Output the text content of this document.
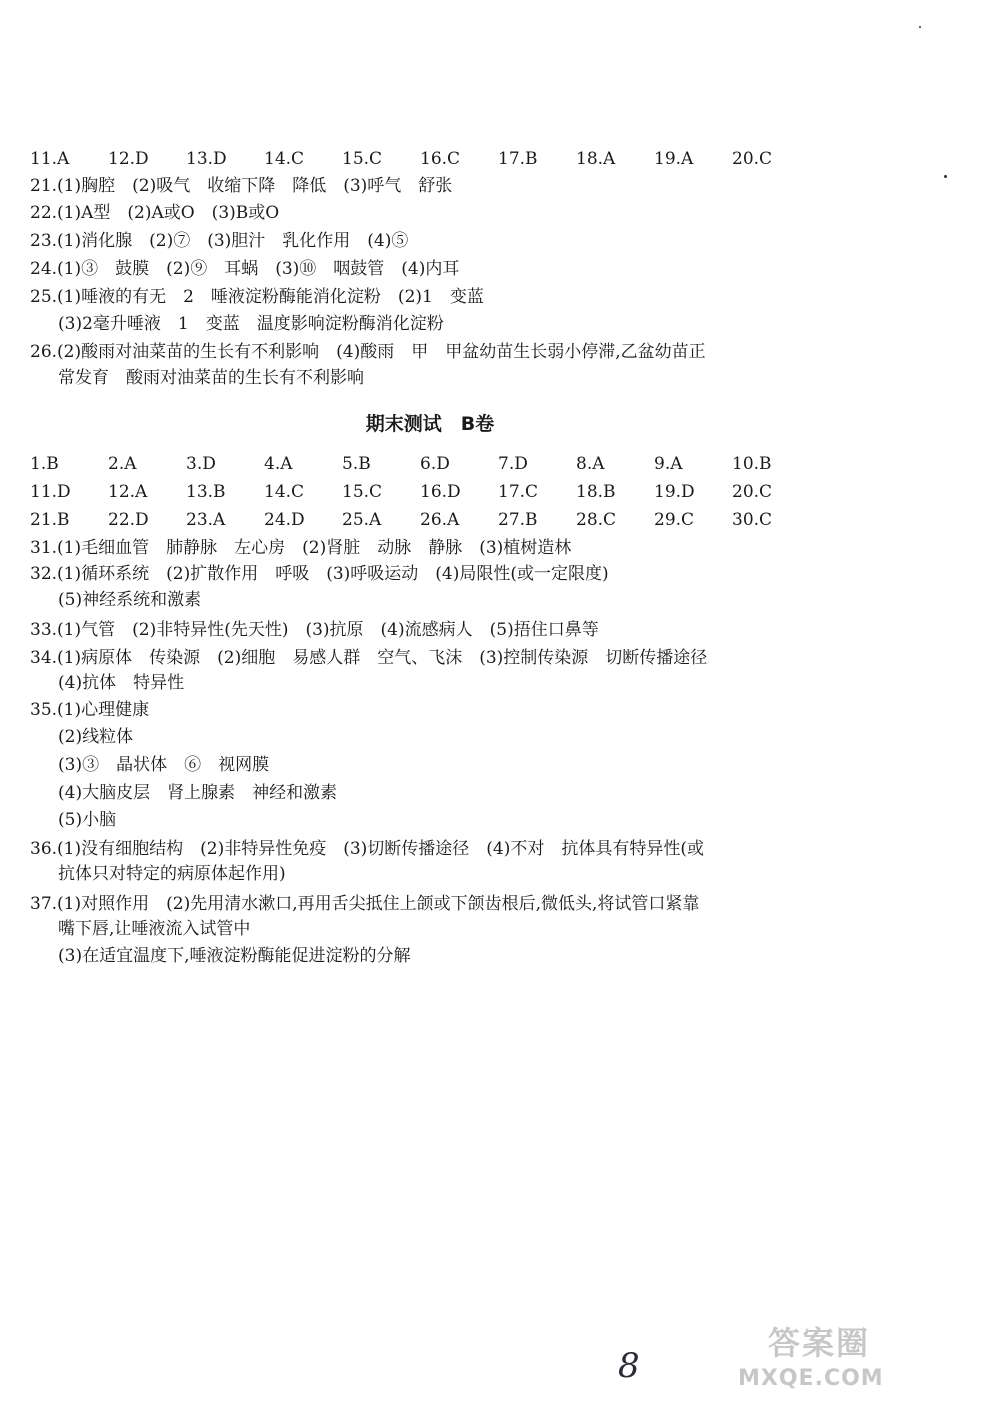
11.A 12.D 13.D 14.C 15.C 16.C 17.B 18.A 19.A 20.C
21.(1)胸腔　(2)吸气　收缩下降　降低　(3)呼气　舒张
22.(1)A型　(2)A或O　(3)B或O
23.(1)消化腺　(2)⑦　(3)胆汁　乳化作用　(4)⑤
24.(1)③　鼓膜　(2)⑨　耳蜗　(3)⑩　咽鼓管　(4)内耳
25.(1)唾液的有无　2　唾液淀粉酶能消化淀粉　(2)1　变蓝
(3)2毫升唾液　1　变蓝　温度影响淀粉酶消化淀粉
26.(2)酸雨对油菜苗的生长有不利影响　(4)酸雨　甲　甲盆幼苗生长弱小停滞,乙盆幼苗正
常发育　酸雨对油菜苗的生长有不利影响
期末测试　B卷
1.B	2.A	3.D	4.A	5.B	6.D	7.D	8.A	9.A	10.B
11.D 12.A 13.B 14.C 15.C 16.D 17.C 18.B 19.D 20.C
21.B 22.D 23.A 24.D 25.A 26.A 27.B 28.C 29.C 30.C
31.(1)毛细血管　肺静脉　左心房　(2)肾脏　动脉　静脉　(3)植树造林
32.(1)循环系统　(2)扩散作用　呼吸　(3)呼吸运动　(4)局限性(或一定限度)
(5)神经系统和激素
33.(1)气管　(2)非特异性(先天性)　(3)抗原　(4)流感病人　(5)捂住口鼻等
34.(1)病原体　传染源　(2)细胞　易感人群　空气、飞沫　(3)控制传染源　切断传播途径
(4)抗体　特异性
35.(1)心理健康
(2)线粒体
(3)③　晶状体　⑥　视网膜
(4)大脑皮层　肾上腺素　神经和激素
(5)小脑
36.(1)没有细胞结构　(2)非特异性免疫　(3)切断传播途径　(4)不对　抗体具有特异性(或
抗体只对特定的病原体起作用)
37.(1)对照作用　(2)先用清水漱口,再用舌尖抵住上颌或下颌齿根后,微低头,将试管口紧靠
嘴下唇,让唾液流入试管中
(3)在适宜温度下,唾液淀粉酶能促进淀粉的分解
8
答案圈
MXQE.COM
